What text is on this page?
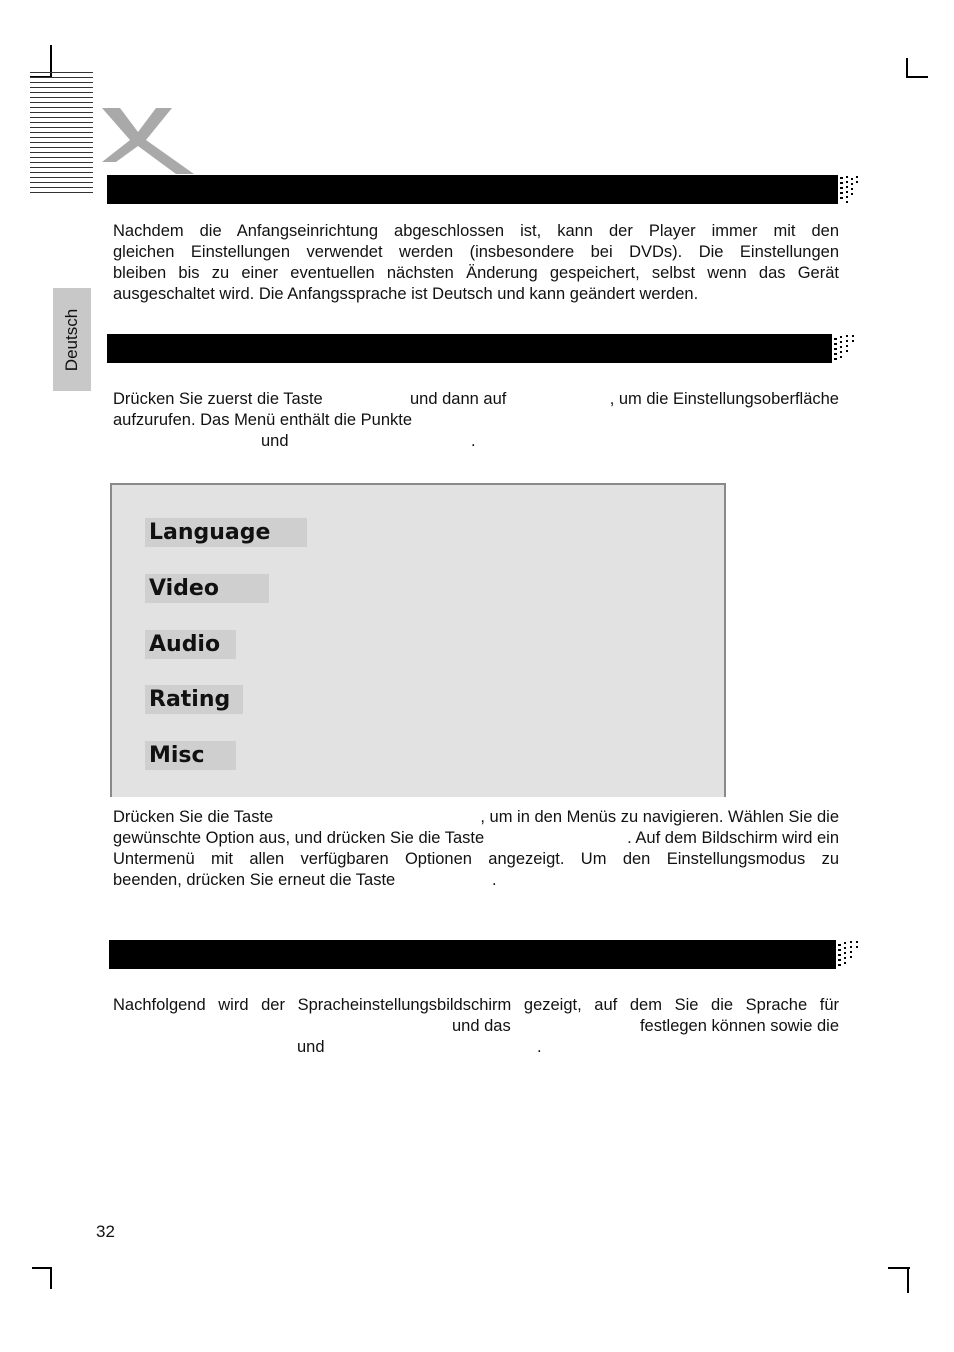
Deutsch
Nachdem die Anfangseinrichtung abgeschlossen ist, kann der Player immer mit den
gleichen Einstellungen verwendet werden (insbesondere bei DVDs). Die Einstellungen
bleiben bis zu einer eventuellen nächsten Änderung gespeichert, selbst wenn das Gerät
ausgeschaltet wird. Die Anfangssprache ist Deutsch und kann geändert werden.
Drücken Sie zuerst die Taste	und dann auf	, um die Einstellungsoberfläche
aufzurufen. Das Menü enthält die Punkte
und	.
Language
Video
Audio
Rating
Misc
Drücken Sie die Taste	, um in den Menüs zu navigieren. Wählen Sie die
gewünschte Option aus, und drücken Sie die Taste	. Auf dem Bildschirm wird ein
Untermenü mit allen verfügbaren Optionen angezeigt. Um den Einstellungsmodus zu
beenden, drücken Sie erneut die Taste	.
Nachfolgend wird der Spracheinstellungsbildschirm gezeigt, auf dem Sie die Sprache für
und das	festlegen können sowie die
und	.
32
